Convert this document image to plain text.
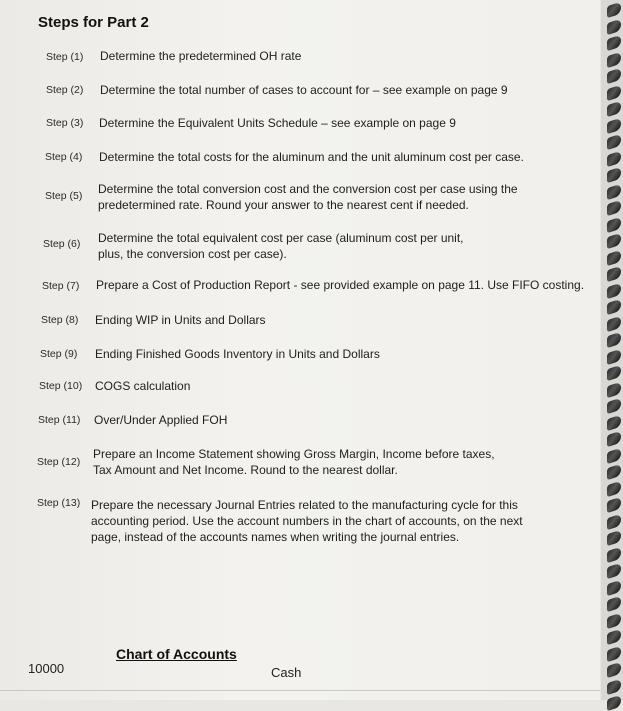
Steps for Part 2
Step (1) Determine the predetermined OH rate
Step (2) Determine the total number of cases to account for – see example on page 9
Step (3) Determine the Equivalent Units Schedule – see example on page 9
Step (4) Determine the total costs for the aluminum and the unit aluminum cost per case.
Step (5) Determine the total conversion cost and the conversion cost per case using the predetermined rate. Round your answer to the nearest cent if needed.
Step (6) Determine the total equivalent cost per case (aluminum cost per unit, plus, the conversion cost per case).
Step (7) Prepare a Cost of Production Report - see provided example on page 11. Use FIFO costing.
Step (8) Ending WIP in Units and Dollars
Step (9) Ending Finished Goods Inventory in Units and Dollars
Step (10) COGS calculation
Step (11) Over/Under Applied FOH
Step (12)
Prepare an Income Statement showing Gross Margin, Income before taxes, Tax Amount and Net Income. Round to the nearest dollar.
Step (13) Prepare the necessary Journal Entries related to the manufacturing cycle for this accounting period. Use the account numbers in the chart of accounts, on the next page, instead of the accounts names when writing the journal entries.
Chart of Accounts
10000	Cash
